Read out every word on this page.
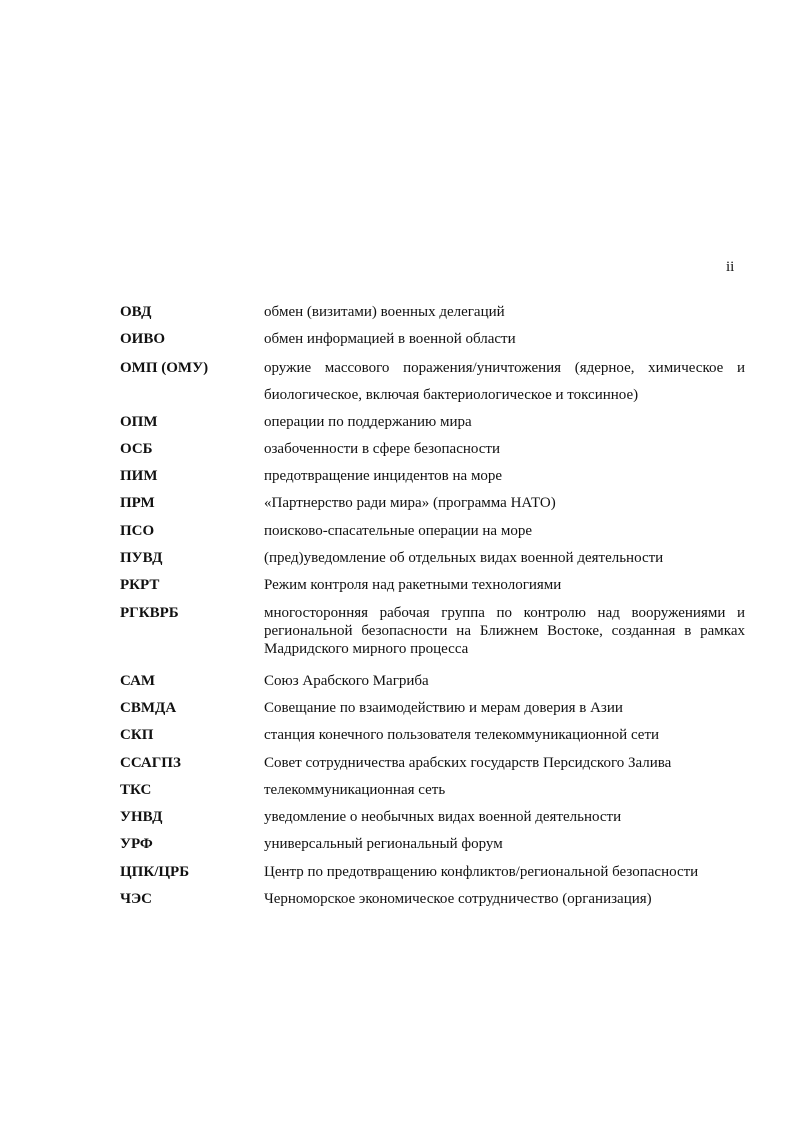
ii
ОВД	обмен (визитами) военных делегаций
ОИВО	обмен информацией в военной области
ОМП (ОМУ)	оружие массового поражения/уничтожения (ядерное, химическое и биологическое, включая бактериологическое и токсинное)
ОПМ	операции по поддержанию мира
ОСБ	озабоченности в сфере безопасности
ПИМ	предотвращение инцидентов на море
ПРМ	«Партнерство ради мира» (программа НАТО)
ПСО	поисково-спасательные операции на море
ПУВД	(пред)уведомление об отдельных видах военной деятельности
РКРТ	Режим контроля над ракетными технологиями
РГКВРБ	многосторонняя рабочая группа по контролю над вооружениями и региональной безопасности на Ближнем Востоке, созданная в рамках Мадридского мирного процесса
САМ	Союз Арабского Магриба
СВМДА	Совещание по взаимодействию и мерам доверия в Азии
СКП	станция конечного пользователя телекоммуникационной сети
ССАГПЗ	Совет сотрудничества арабских государств Персидского Залива
ТКС	телекоммуникационная сеть
УНВД	уведомление о необычных видах военной деятельности
УРФ	универсальный региональный форум
ЦПК/ЦРБ	Центр по предотвращению конфликтов/региональной безопасности
ЧЭС	Черноморское экономическое сотрудничество (организация)
